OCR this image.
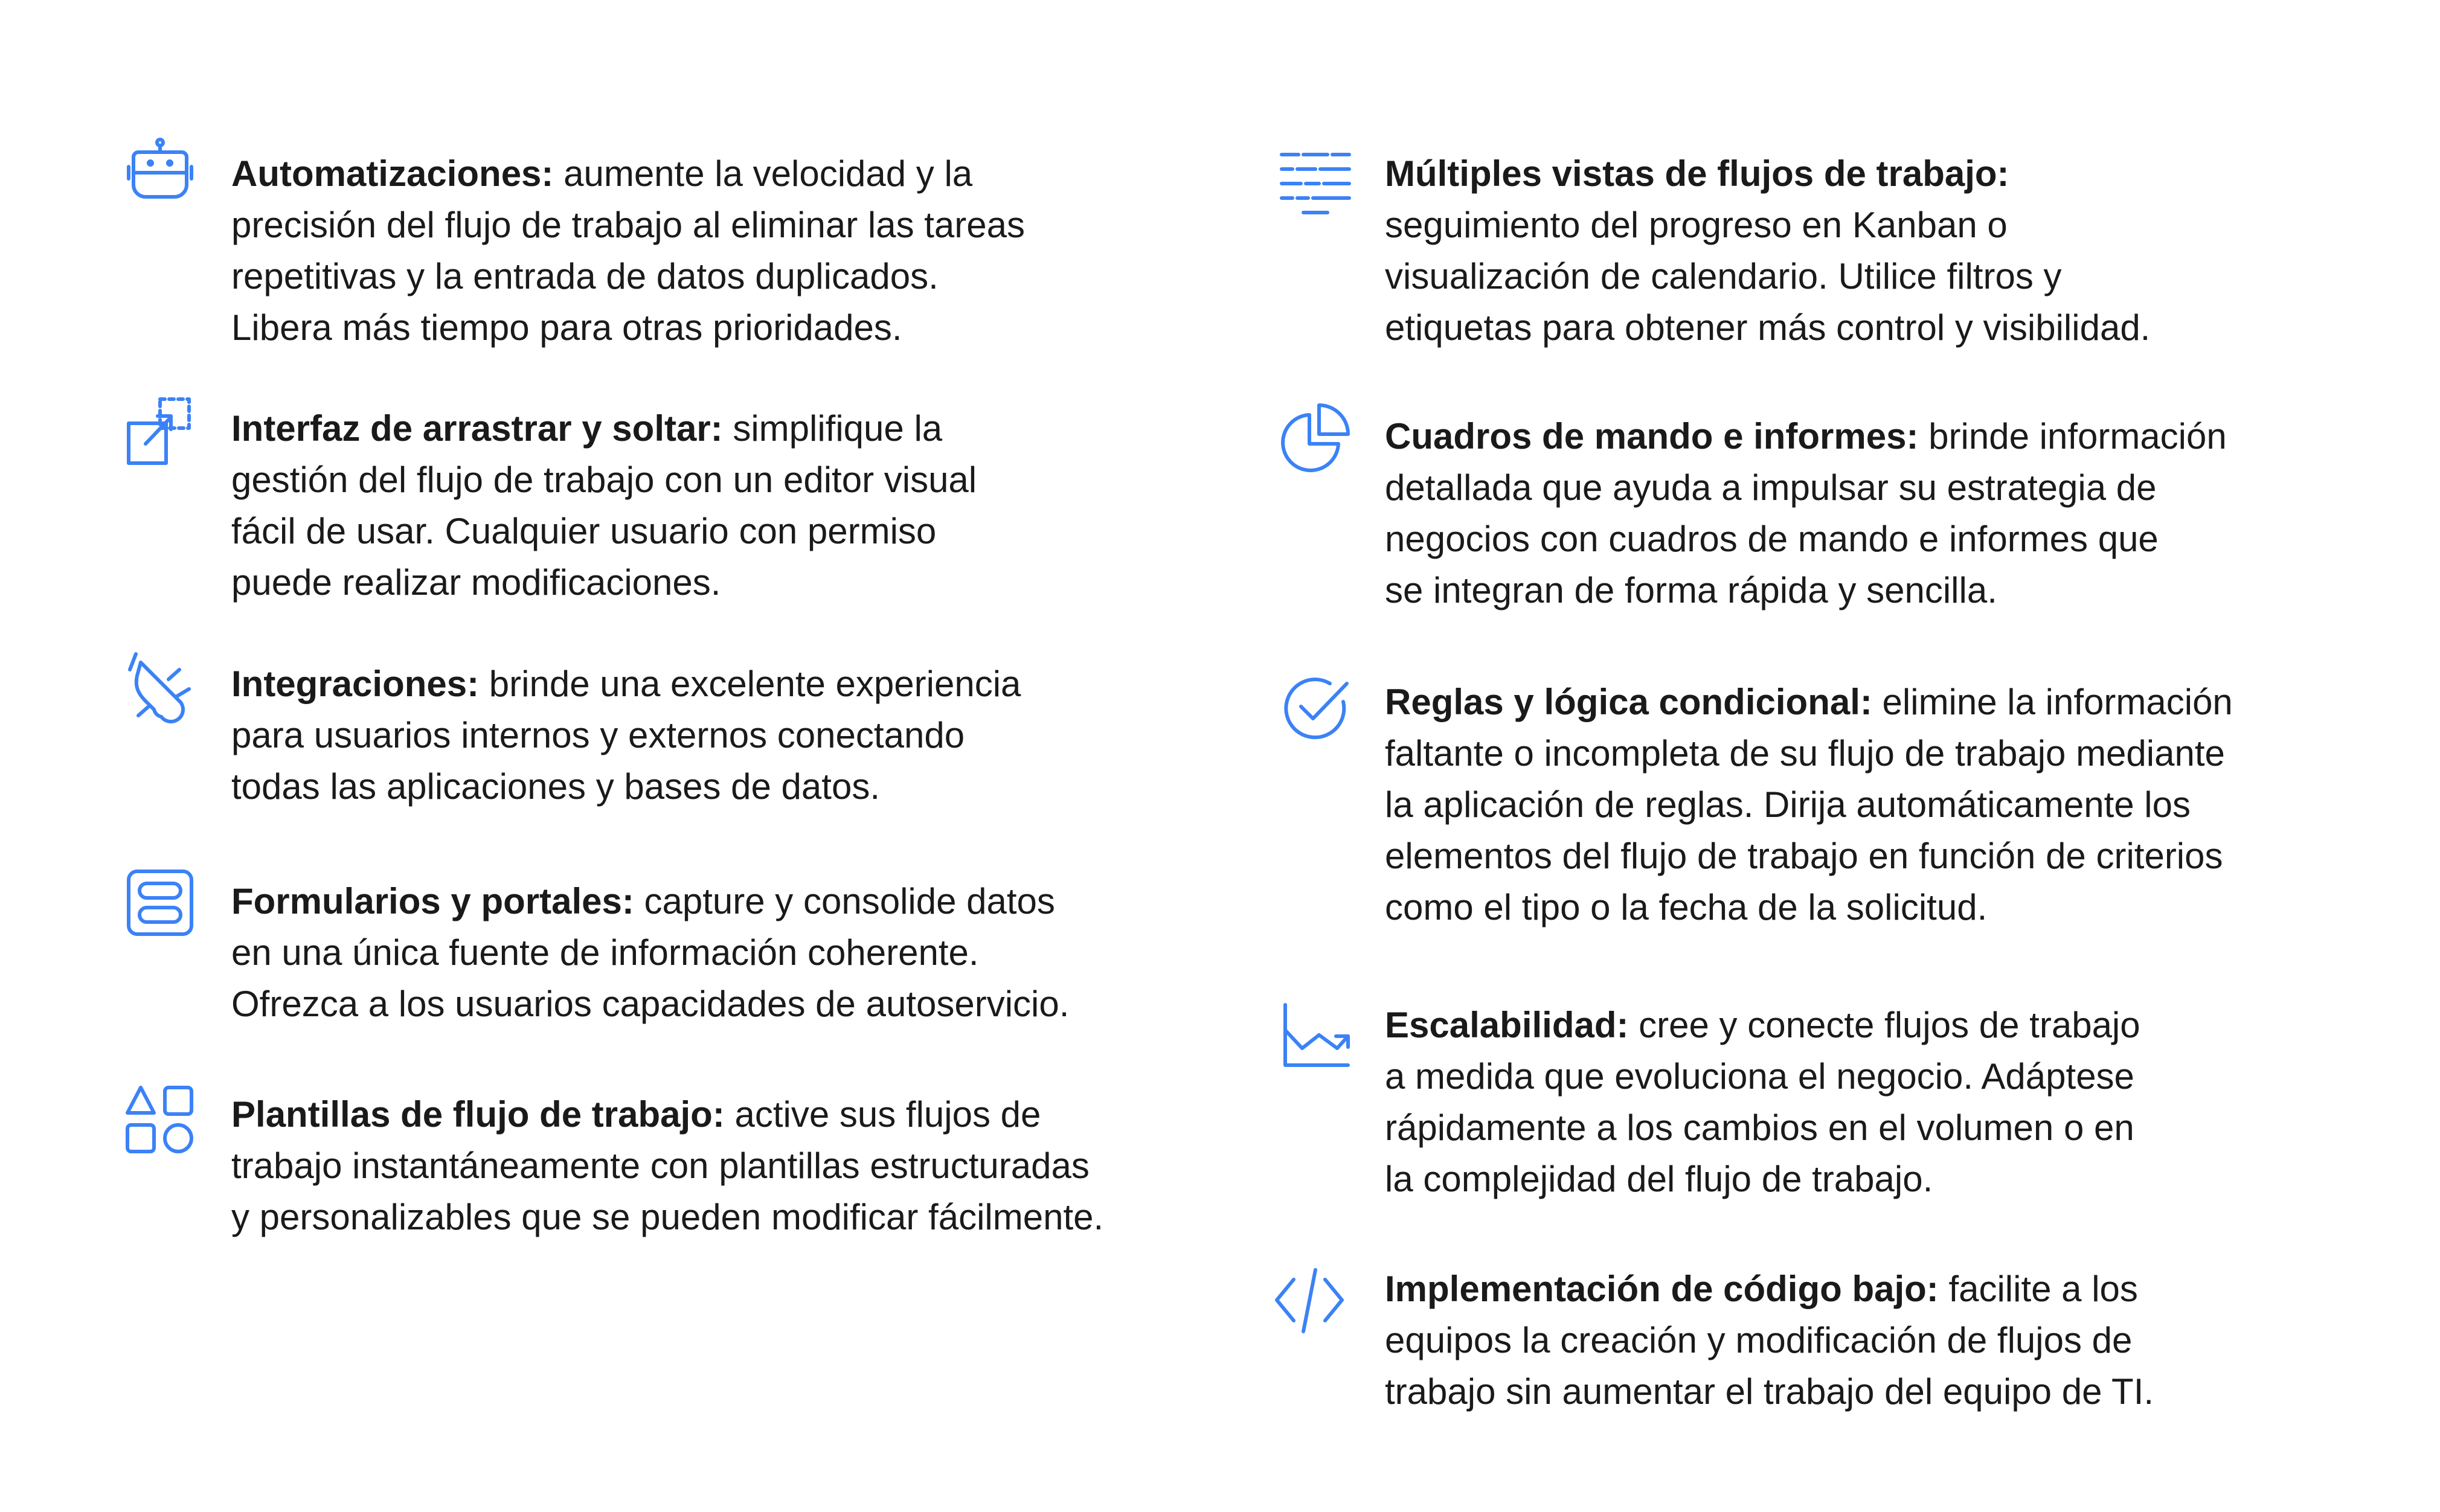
Automatizaciones: aumente la velocidad y la
precisión del flujo de trabajo al eliminar las tareas
repetitivas y la entrada de datos duplicados.
Libera más tiempo para otras prioridades.
Interfaz de arrastrar y soltar: simplifique la
gestión del flujo de trabajo con un editor visual
fácil de usar. Cualquier usuario con permiso
puede realizar modificaciones.
Integraciones: brinde una excelente experiencia
para usuarios internos y externos conectando
todas las aplicaciones y bases de datos.
Formularios y portales: capture y consolide datos
en una única fuente de información coherente.
Ofrezca a los usuarios capacidades de autoservicio.
Plantillas de flujo de trabajo: active sus flujos de
trabajo instantáneamente con plantillas estructuradas
y personalizables que se pueden modificar fácilmente.
Múltiples vistas de flujos de trabajo:
seguimiento del progreso en Kanban o
visualización de calendario. Utilice filtros y
etiquetas para obtener más control y visibilidad.
Cuadros de mando e informes: brinde información
detallada que ayuda a impulsar su estrategia de
negocios con cuadros de mando e informes que
se integran de forma rápida y sencilla.
Reglas y lógica condicional: elimine la información
faltante o incompleta de su flujo de trabajo mediante
la aplicación de reglas. Dirija automáticamente los
elementos del flujo de trabajo en función de criterios
como el tipo o la fecha de la solicitud.
Escalabilidad: cree y conecte flujos de trabajo
a medida que evoluciona el negocio. Adáptese
rápidamente a los cambios en el volumen o en
la complejidad del flujo de trabajo.
Implementación de código bajo: facilite a los
equipos la creación y modificación de flujos de
trabajo sin aumentar el trabajo del equipo de TI.
